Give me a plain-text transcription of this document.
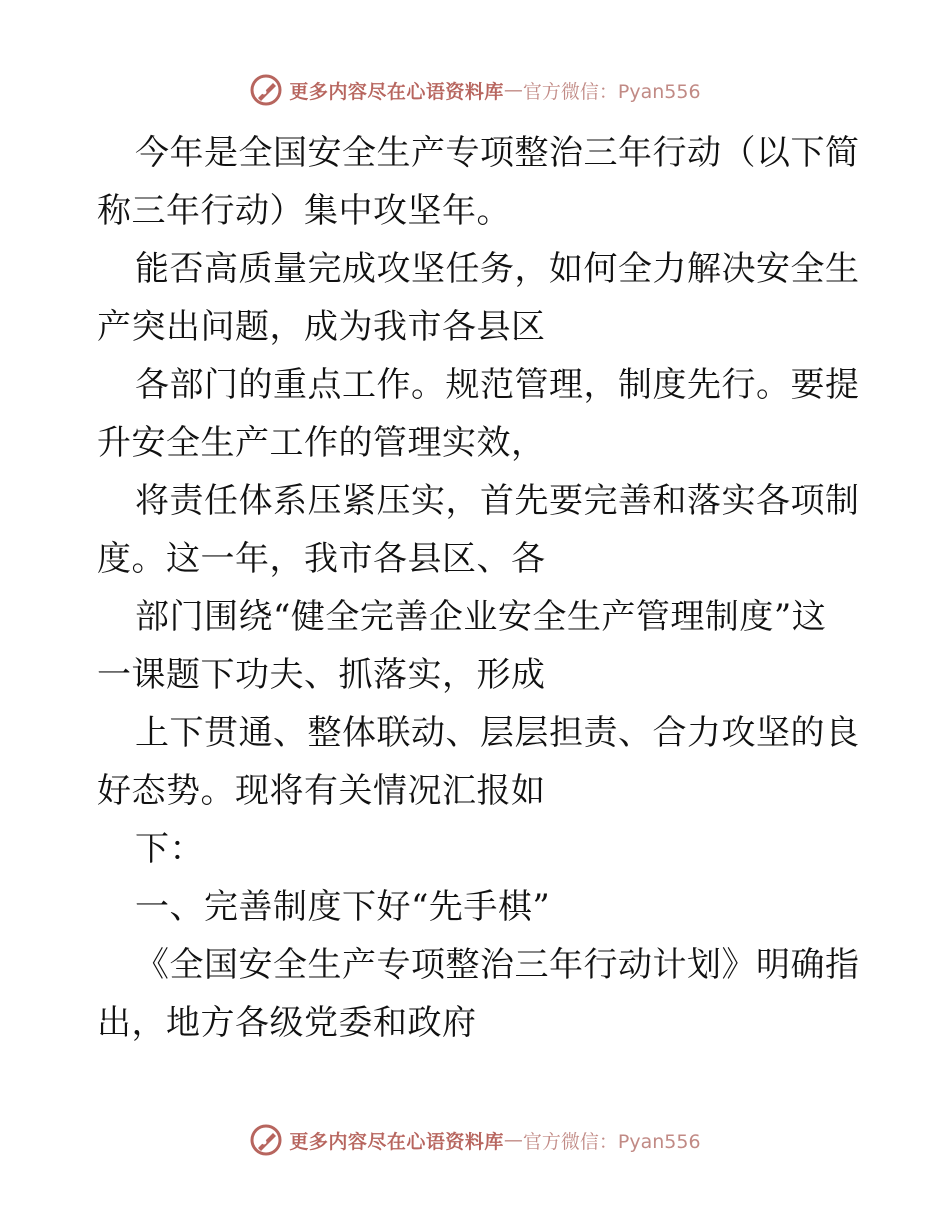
更多内容尽在心语资料库 — 官方微信：Pyan556
今年是全国安全生产专项整治三年行动（以下简
称三年行动）集中攻坚年。
能否高质量完成攻坚任务，如何全力解决安全生
产突出问题，成为我市各县区
各部门的重点工作。规范管理，制度先行。要提
升安全生产工作的管理实效，
将责任体系压紧压实，首先要完善和落实各项制
度。这一年，我市各县区、各
部门围绕“健全完善企业安全生产管理制度”这
一课题下功夫、抓落实，形成
上下贯通、整体联动、层层担责、合力攻坚的良
好态势。现将有关情况汇报如
下：
一、完善制度下好“先手棋”
《全国安全生产专项整治三年行动计划》明确指
出，地方各级党委和政府
更多内容尽在心语资料库 — 官方微信：Pyan556
